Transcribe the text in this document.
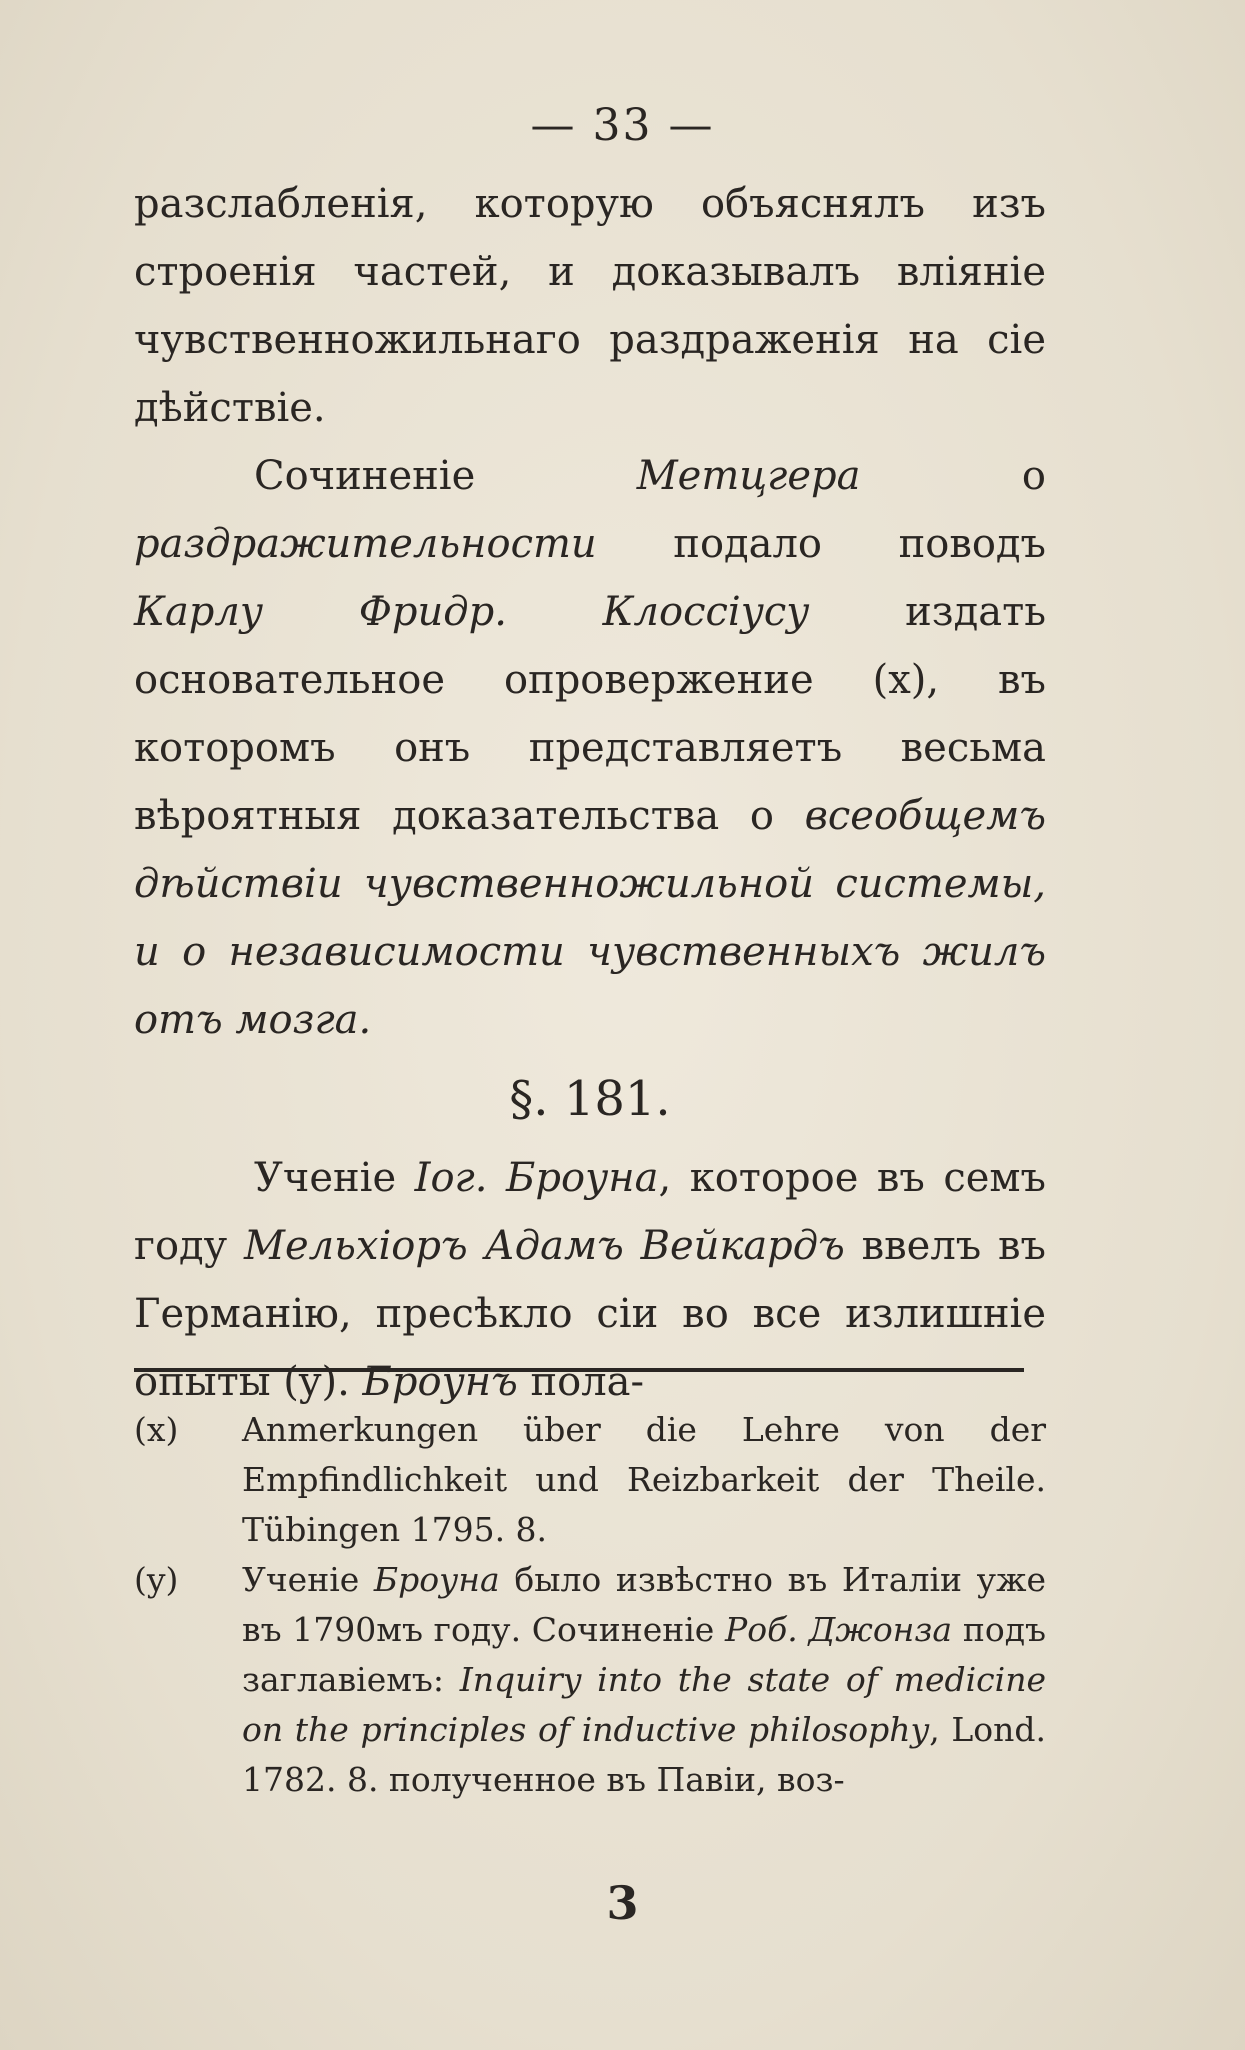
— 33 —

разслабленія, которую объяснялъ изъ строенія частей, и доказывалъ вліяніе чувственножильнаго раздраженія на сіе дѣйствіе.

Сочиненіе Метцгера о раздражительности подало поводъ Карлу Фридр. Клоссіусу издать основательное опровержение (x), въ которомъ онъ представляетъ весьма вѣроятныя доказательства о всеобщемъ дѣйствіи чувственножильной системы, и о независимости чувственныхъ жилъ отъ мозга.

§. 181.

Ученіе Іог. Броуна, которое въ семъ году Мельхіоръ Адамъ Вейкардъ ввелъ въ Германію, пресѣкло сіи во все излишніе опыты (y). Броунъ пола-

(x)	Anmerkungen über die Lehre von der Empfindlichkeit und Reizbarkeit der Theile. Tübingen 1795. 8.
(y)	Ученіе Броуна было извѣстно въ Италіи уже въ 1790мъ году. Сочиненіе Роб. Джонза подъ заглавіемъ: Inquiry into the state of medicine on the principles of inductive philosophy, Lond. 1782. 8. полученное въ Павіи, воз-
3
